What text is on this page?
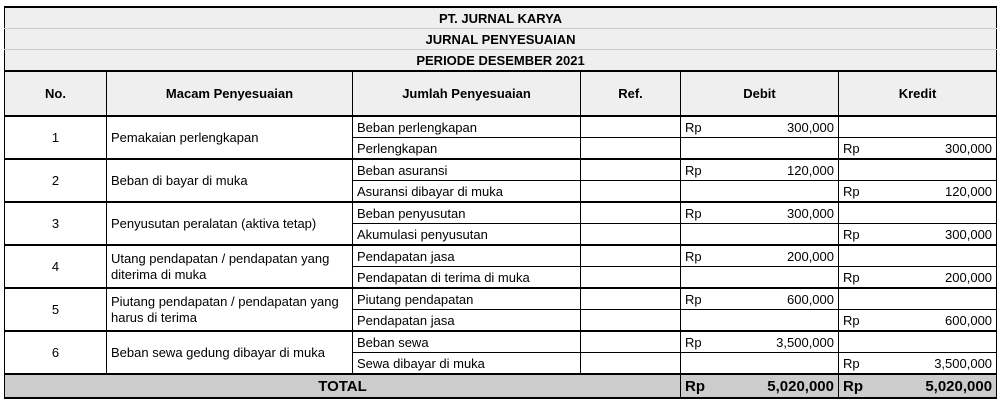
PT. JURNAL KARYA							
JURNAL PENYESUAIAN							
PERIODE DESEMBER 2021							
No.	Macam Penyesuaian	Jumlah Penyesuaian	Ref.	Debit		Kredit	
1	Pemakaian perlengkapan	Beban perlengkapan		Rp	300,000		
		Perlengkapan				Rp	300,000
2	Beban di bayar di muka	Beban asuransi		Rp	120,000		
		Asuransi dibayar di muka				Rp	120,000
3	Penyusutan peralatan (aktiva tetap)	Beban penyusutan		Rp	300,000		
		Akumulasi penyusutan				Rp	300,000
4	Utang pendapatan / pendapatan yang diterima di muka	Pendapatan jasa		Rp	200,000		
		Pendapatan di terima di muka				Rp	200,000
5	Piutang pendapatan / pendapatan yang harus di terima	Piutang pendapatan		Rp	600,000		
		Pendapatan jasa				Rp	600,000
6	Beban sewa gedung dibayar di muka	Beban sewa		Rp	3,500,000		
		Sewa dibayar di muka				Rp	3,500,000
TOTAL				Rp	5,020,000	Rp	5,020,000
